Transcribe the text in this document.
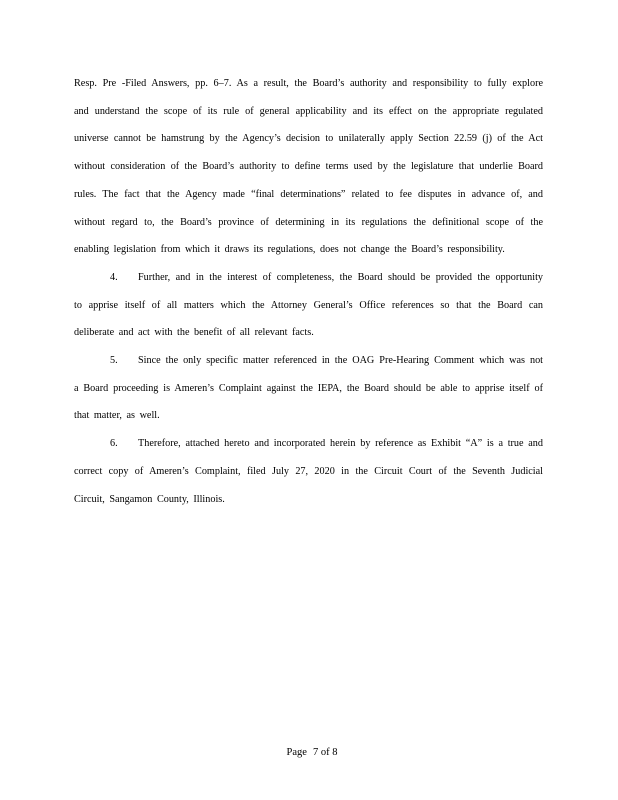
Resp. Pre -Filed Answers, pp. 6–7. As a result, the Board’s authority and responsibility to fully explore and understand the scope of its rule of general applicability and its effect on the appropriate regulated universe cannot be hamstrung by the Agency’s decision to unilaterally apply Section 22.59 (j) of the Act without consideration of the Board’s authority to define terms used by the legislature that underlie Board rules. The fact that the Agency made “final determinations” related to fee disputes in advance of, and without regard to, the Board’s province of determining in its regulations the definitional scope of the enabling legislation from which it draws its regulations, does not change the Board’s responsibility.

4.  Further, and in the interest of completeness, the Board should be provided the opportunity to apprise itself of all matters which the Attorney General’s Office references so that the Board can deliberate and act with the benefit of all relevant facts.

5.  Since the only specific matter referenced in the OAG Pre-Hearing Comment which was not a Board proceeding is Ameren’s Complaint against the IEPA, the Board should be able to apprise itself of that matter, as well.

6.  Therefore, attached hereto and incorporated herein by reference as Exhibit “A” is a true and correct copy of Ameren’s Complaint, filed July 27, 2020 in the Circuit Court of the Seventh Judicial Circuit, Sangamon County, Illinois.

Page 7 of 8
